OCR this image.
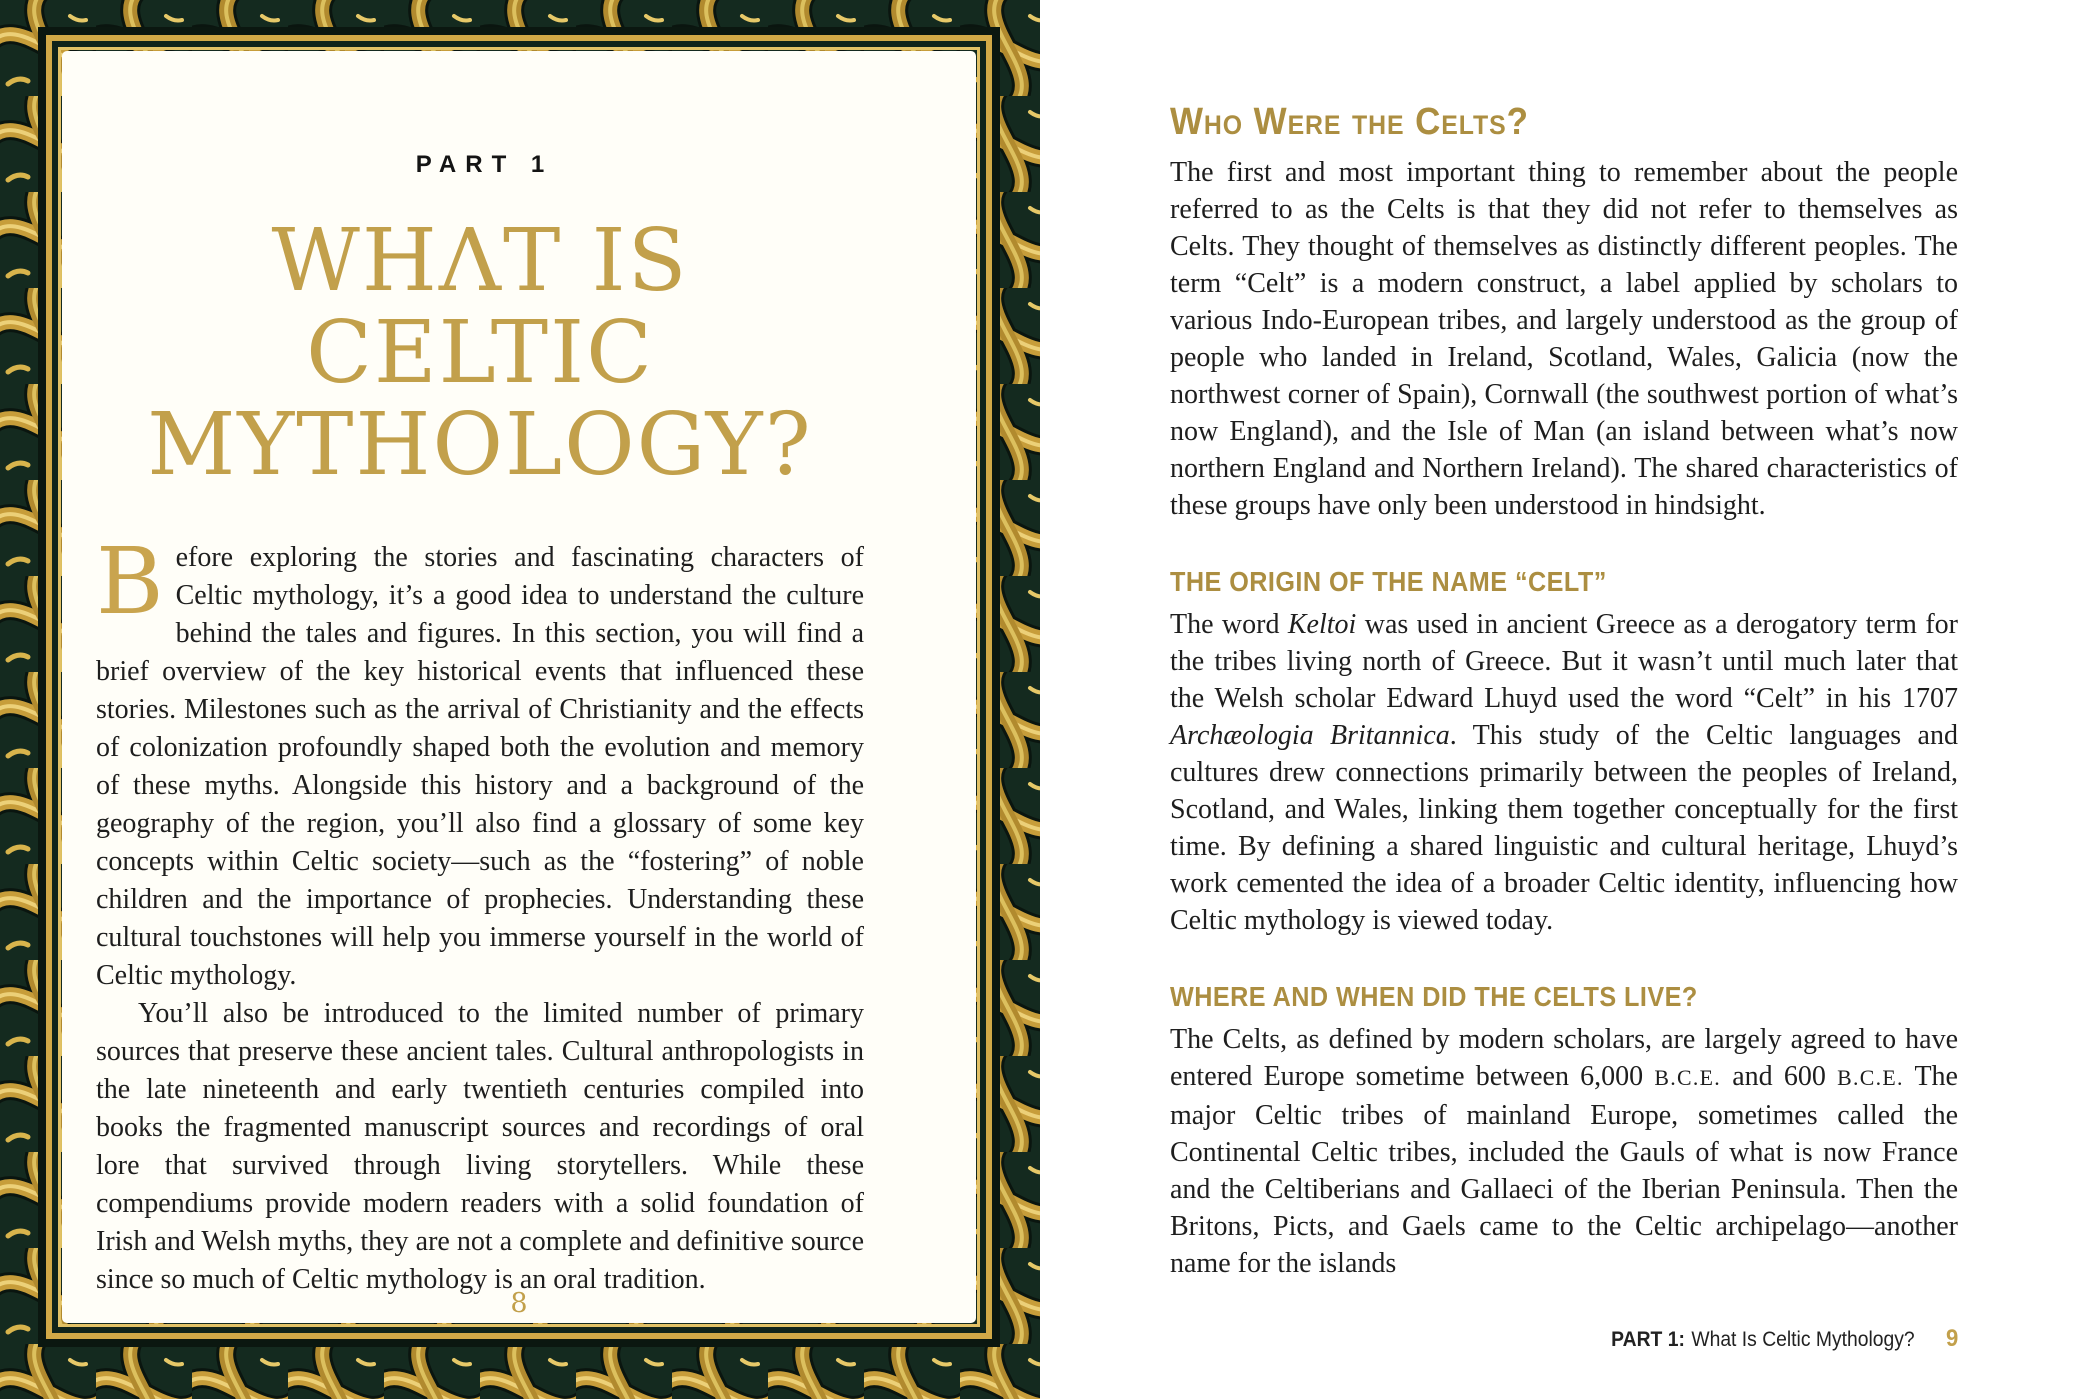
PART 1
WHΛT IS
CELTIC
MYTHOLOGY?

Before exploring the stories and fascinating characters of Celtic mythology, it’s a good idea to understand the culture behind the tales and figures. In this section, you will find a brief overview of the key historical events that influenced these stories. Milestones such as the arrival of Christianity and the effects of colonization profoundly shaped both the evolution and memory of these myths. Alongside this history and a background of the geography of the region, you’ll also find a glossary of some key concepts within Celtic society—such as the “fostering” of noble children and the importance of prophecies. Understanding these cultural touchstones will help you immerse yourself in the world of Celtic mythology.

You’ll also be introduced to the limited number of primary sources that preserve these ancient tales. Cultural anthropologists in the late nineteenth and early twentieth centuries compiled into books the fragmented manuscript sources and recordings of oral lore that survived through living storytellers. While these compendiums provide modern readers with a solid foundation of Irish and Welsh myths, they are not a complete and definitive source since so much of Celtic mythology is an oral tradition.

8
Who Were the Celts?

The first and most important thing to remember about the people referred to as the Celts is that they did not refer to themselves as Celts. They thought of themselves as distinctly different peoples. The term “Celt” is a modern construct, a label applied by scholars to various Indo-European tribes, and largely understood as the group of people who landed in Ireland, Scotland, Wales, Galicia (now the northwest corner of Spain), Cornwall (the southwest portion of what’s now England), and the Isle of Man (an island between what’s now northern England and Northern Ireland). The shared characteristics of these groups have only been understood in hindsight.

THE ORIGIN OF THE NAME “CELT”

The word Keltoi was used in ancient Greece as a derogatory term for the tribes living north of Greece. But it wasn’t until much later that the Welsh scholar Edward Lhuyd used the word “Celt” in his 1707 Archæologia Britannica. This study of the Celtic languages and cultures drew connections primarily between the peoples of Ireland, Scotland, and Wales, linking them together conceptually for the first time. By defining a shared linguistic and cultural heritage, Lhuyd’s work cemented the idea of a broader Celtic identity, influencing how Celtic mythology is viewed today.

WHERE AND WHEN DID THE CELTS LIVE?

The Celts, as defined by modern scholars, are largely agreed to have entered Europe sometime between 6,000 B.C.E. and 600 B.C.E. The major Celtic tribes of mainland Europe, sometimes called the Continental Celtic tribes, included the Gauls of what is now France and the Celtiberians and Gallaeci of the Iberian Peninsula. Then the Britons, Picts, and Gaels came to the Celtic archipelago—another name for the islands

PART 1: What Is Celtic Mythology? 9
